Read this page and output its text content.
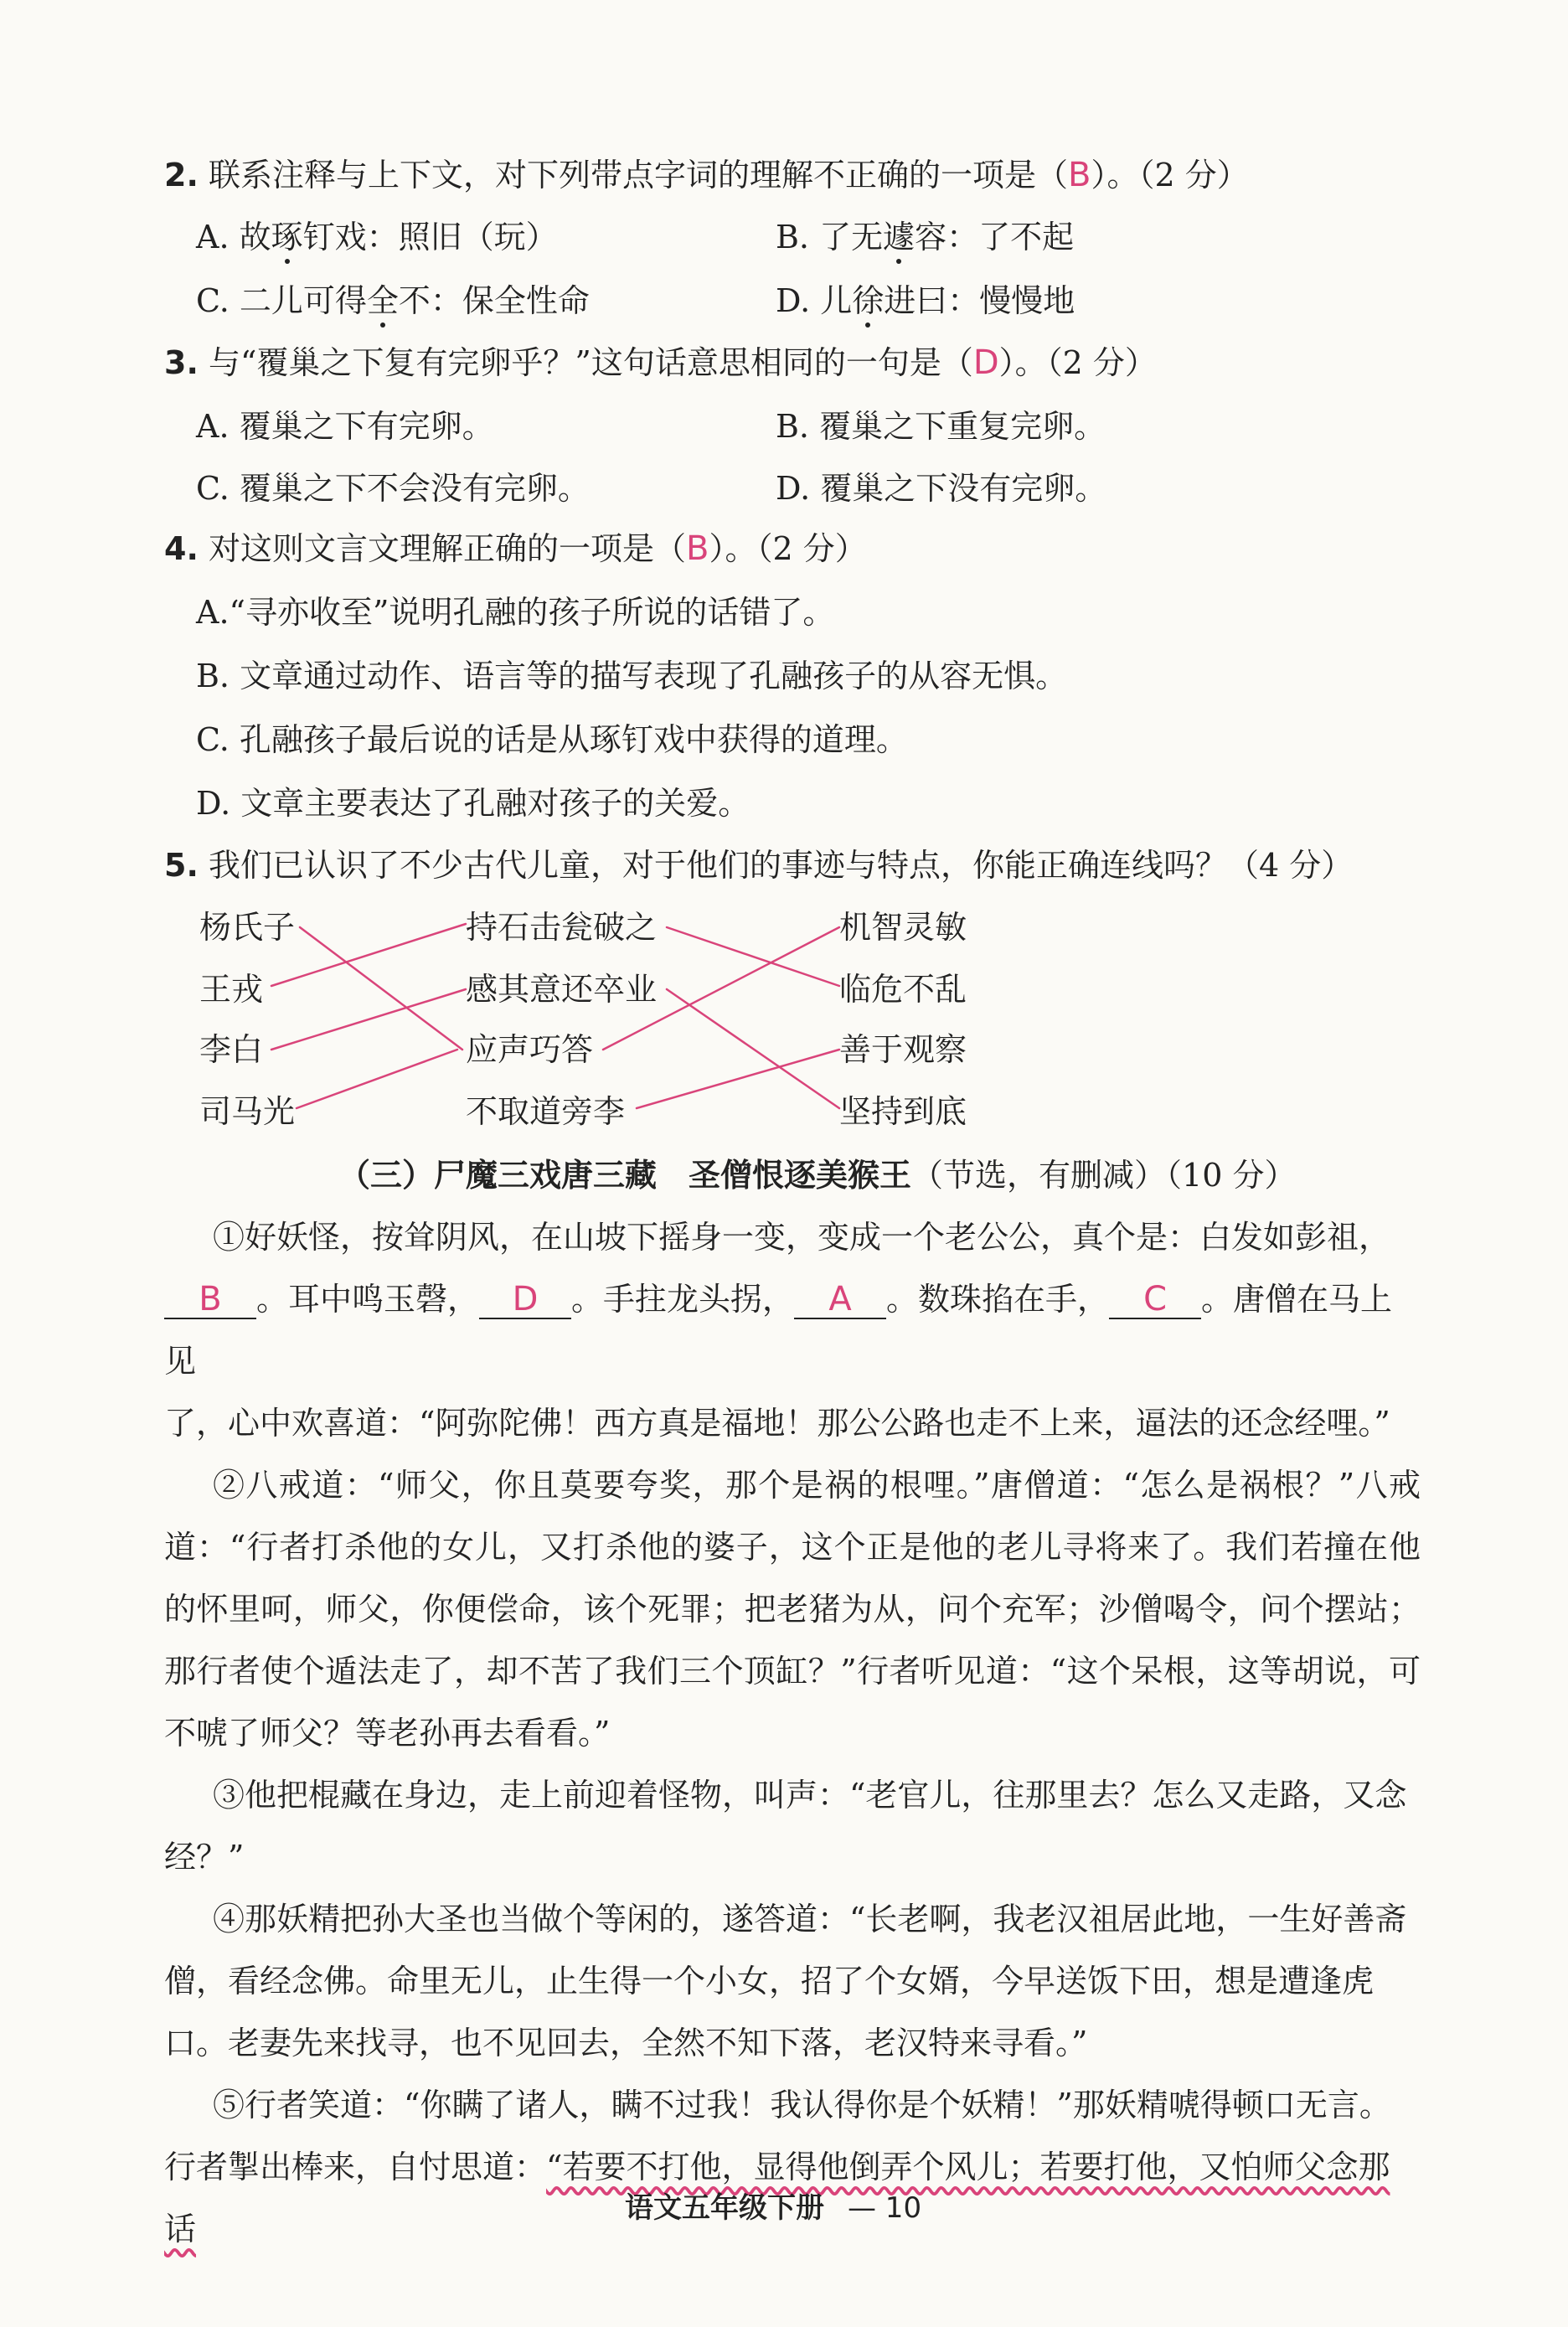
2. 联系注释与上下文，对下列带点字词的理解不正确的一项是（B）。（2 分）
A. 故琢钉戏：照旧（玩）	B. 了无遽容：了不起
C. 二儿可得全不：保全性命	D. 儿徐进曰：慢慢地
3. 与“覆巢之下复有完卵乎？”这句话意思相同的一句是（D）。（2 分）
A. 覆巢之下有完卵。	B. 覆巢之下重复完卵。
C. 覆巢之下不会没有完卵。	D. 覆巢之下没有完卵。
4. 对这则文言文理解正确的一项是（B）。（2 分）
A.“寻亦收至”说明孔融的孩子所说的话错了。
B. 文章通过动作、语言等的描写表现了孔融孩子的从容无惧。
C. 孔融孩子最后说的话是从琢钉戏中获得的道理。
D. 文章主要表达了孔融对孩子的关爱。
5. 我们已认识了不少古代儿童，对于他们的事迹与特点，你能正确连线吗？（4 分）
杨氏子
王戎
李白
司马光
持石击瓮破之
感其意还卒业
应声巧答
不取道旁李
机智灵敏
临危不乱
善于观察
坚持到底
（三）尸魔三戏唐三藏　圣僧恨逐美猴王（节选，有删减）（10 分）

①好妖怪，按耸阴风，在山坡下摇身一变，变成一个老公公，真个是：白发如彭祖，
B 。耳中鸣玉磬， D 。手拄龙头拐， A 。数珠掐在手， C 。唐僧在马上见
了，心中欢喜道：“阿弥陀佛！西方真是福地！那公公路也走不上来，逼法的还念经哩。”

②八戒道：“师父，你且莫要夸奖，那个是祸的根哩。”唐僧道：“怎么是祸根？”八戒道：“行者打杀他的女儿，又打杀他的婆子，这个正是他的老儿寻将来了。我们若撞在他的怀里呵，师父，你便偿命，该个死罪；把老猪为从，问个充军；沙僧喝令，问个摆站；那行者使个遁法走了，却不苦了我们三个顶缸？”行者听见道：“这个呆根，这等胡说，可不唬了师父？等老孙再去看看。”

③他把棍藏在身边，走上前迎着怪物，叫声：“老官儿，往那里去？怎么又走路，又念经？”

④那妖精把孙大圣也当做个等闲的，遂答道：“长老啊，我老汉祖居此地，一生好善斋僧，看经念佛。命里无儿，止生得一个小女，招了个女婿，今早送饭下田，想是遭逢虎口。老妻先来找寻，也不见回去，全然不知下落，老汉特来寻看。”

⑤行者笑道：“你瞒了诸人，瞒不过我！我认得你是个妖精！”那妖精唬得顿口无言。行者掣出棒来，自忖思道：“若要不打他，显得他倒弄个风儿；若要打他，又怕师父念那话

语文五年级下册 — 10
